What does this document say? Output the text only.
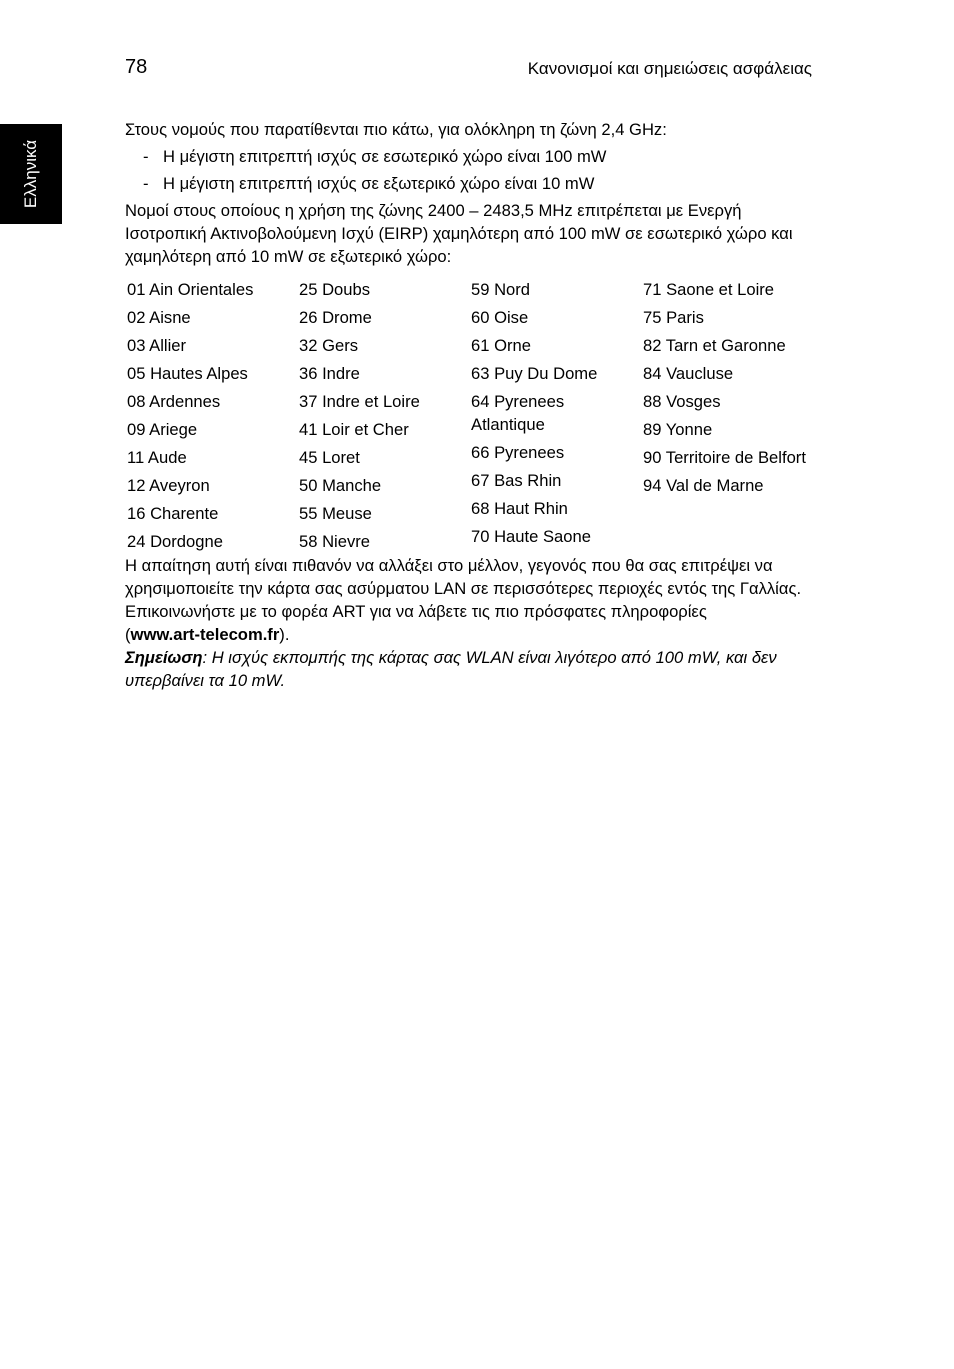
78	Κανονισμοί και σημειώσεις ασφάλειας
Ελληνικά

Στους νομούς που παρατίθενται πιο κάτω, για ολόκληρη τη ζώνη 2,4 GHz:

- Η μέγιστη επιτρεπτή ισχύς σε εσωτερικό χώρο είναι 100 mW
- Η μέγιστη επιτρεπτή ισχύς σε εξωτερικό χώρο είναι 10 mW

Νομοί στους οποίους η χρήση της ζώνης 2400 – 2483,5 MHz επιτρέπεται με Ενεργή Ισοτροπική Ακτινοβολούμενη Ισχύ (EIRP) χαμηλότερη από 100 mW σε εσωτερικό χώρο και χαμηλότερη από 10 mW σε εξωτερικό χώρο:

01 Ain Orientales
02 Aisne
03 Allier
05 Hautes Alpes
08 Ardennes
09 Ariege
11 Aude
12 Aveyron
16 Charente
24 Dordogne
25 Doubs
26 Drome
32 Gers
36 Indre
37 Indre et Loire
41 Loir et Cher
45 Loret
50 Manche
55 Meuse
58 Nievre
59 Nord
60 Oise
61 Orne
63 Puy Du Dome
64 Pyrenees Atlantique
66 Pyrenees
67 Bas Rhin
68 Haut Rhin
70 Haute Saone
71 Saone et Loire
75 Paris
82 Tarn et Garonne
84 Vaucluse
88 Vosges
89 Yonne
90 Territoire de Belfort
94 Val de Marne

Η απαίτηση αυτή είναι πιθανόν να αλλάξει στο μέλλον, γεγονός που θα σας επιτρέψει να χρησιμοποιείτε την κάρτα σας ασύρματου LAN σε περισσότερες περιοχές εντός της Γαλλίας.

Επικοινωνήστε με το φορέα ART για να λάβετε τις πιο πρόσφατες πληροφορίες
(www.art-telecom.fr).

Σημείωση: Η ισχύς εκπομπής της κάρτας σας WLAN είναι λιγότερο από 100 mW, και δεν υπερβαίνει τα 10 mW.
